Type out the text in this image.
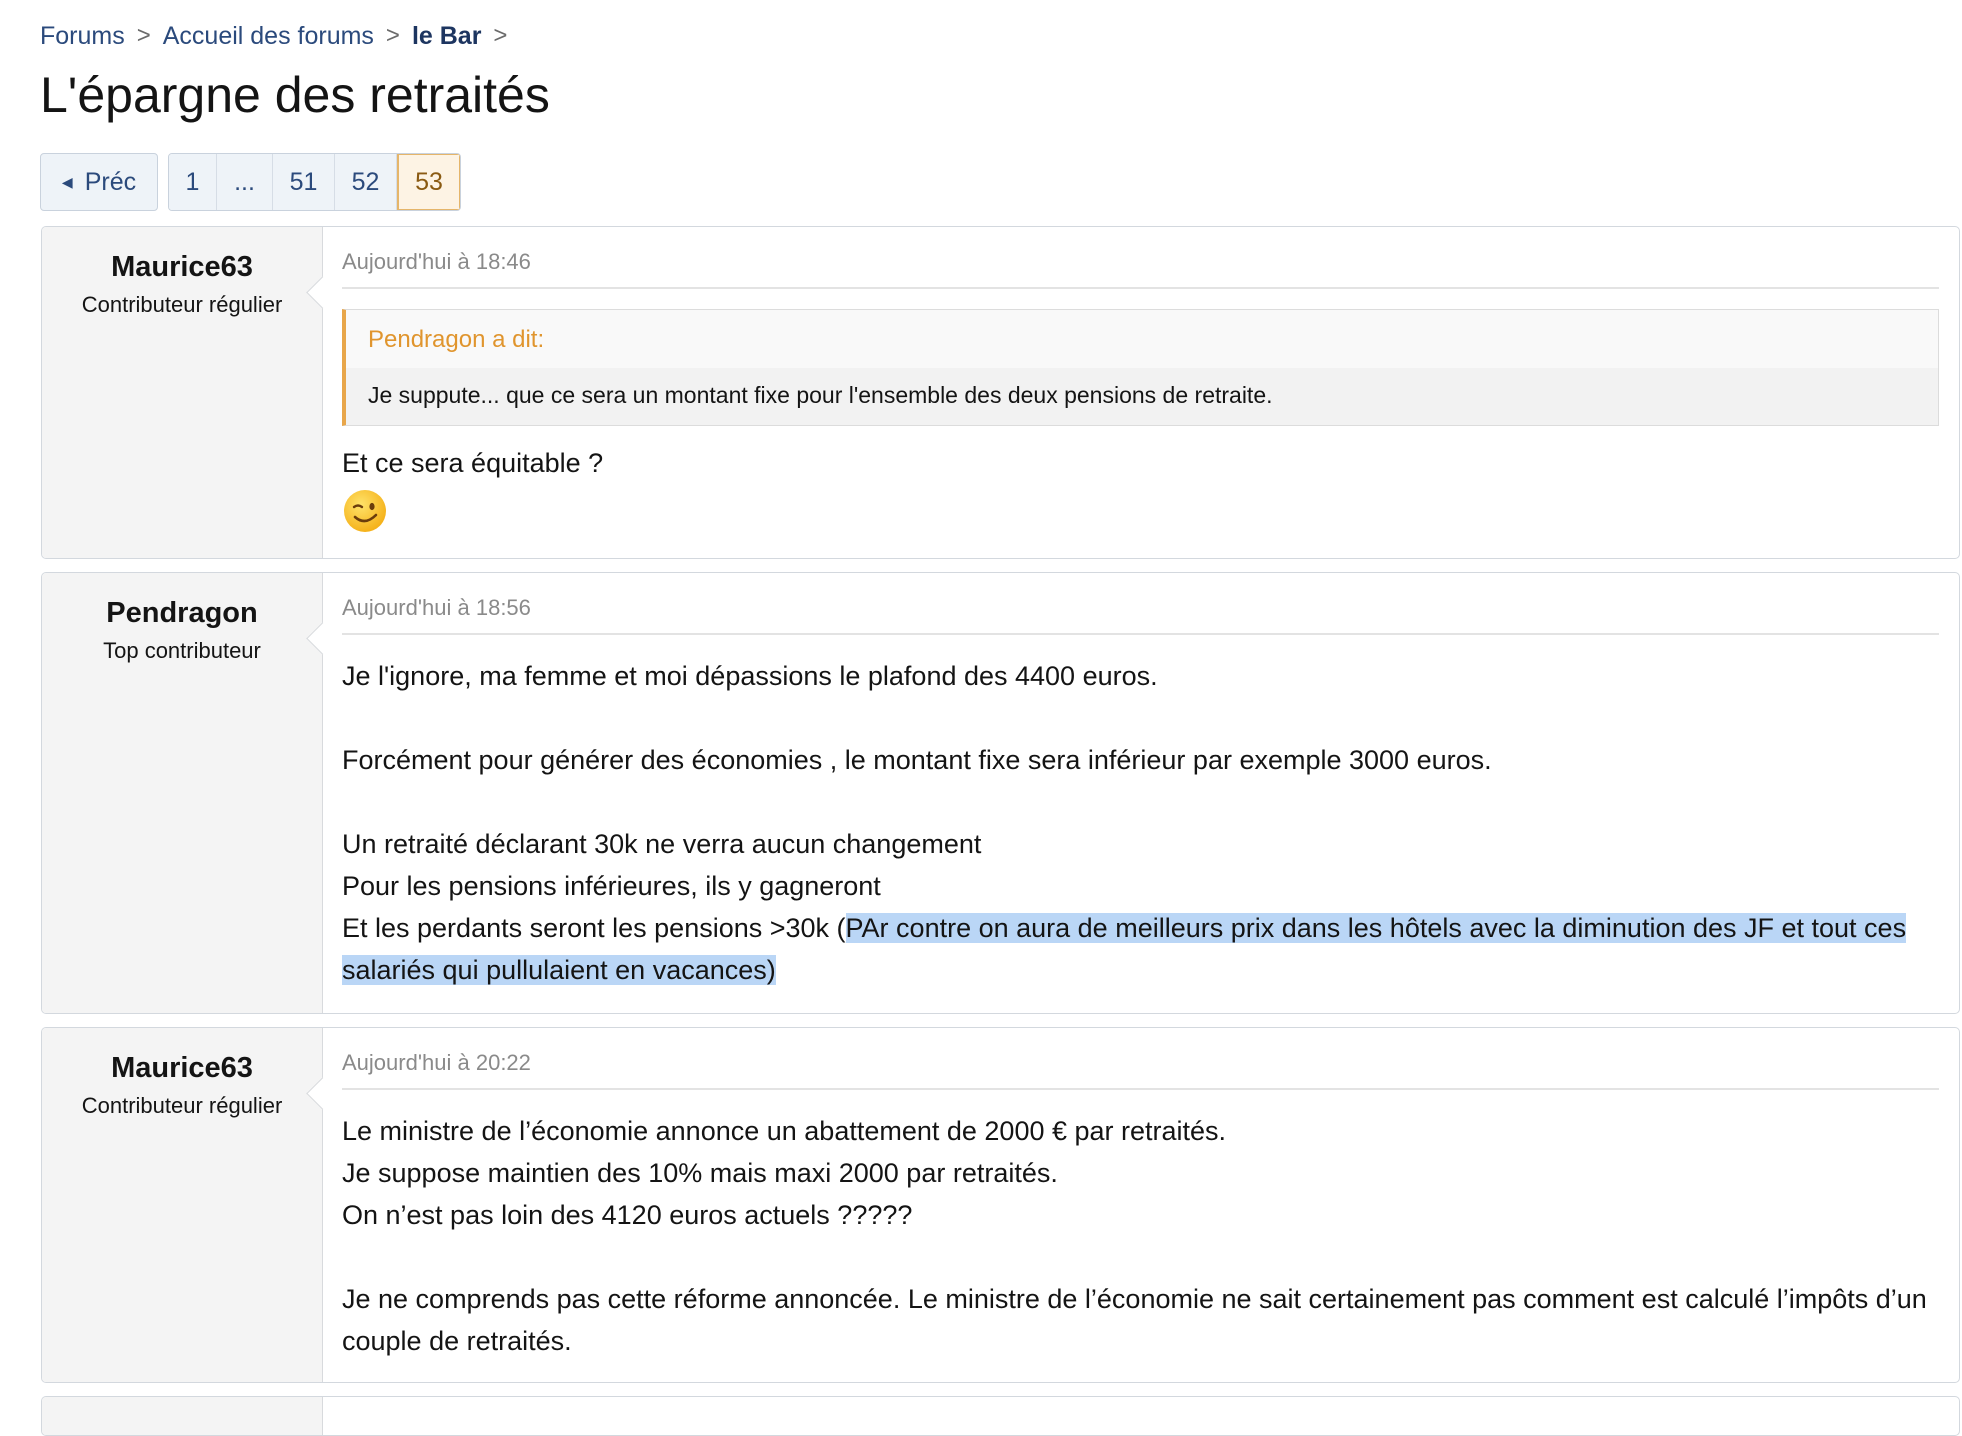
Forums > Accueil des forums > le Bar >
L'épargne des retraités
◀ Préc	1	...	51	52	53
Maurice63
Contributeur régulier
Aujourd'hui à 18:46
Pendragon a dit:
Je suppute... que ce sera un montant fixe pour l'ensemble des deux pensions de retraite.

Et ce sera équitable ?

Pendragon
Top contributeur
Aujourd'hui à 18:56

Je l'ignore, ma femme et moi dépassions le plafond des 4400 euros.

Forcément pour générer des économies , le montant fixe sera inférieur par exemple 3000 euros.

Un retraité déclarant 30k ne verra aucun changement

Pour les pensions inférieures, ils y gagneront

Et les perdants seront les pensions >30k (PAr contre on aura de meilleurs prix dans les hôtels avec la diminution des JF et tout ces salariés qui pullulaient en vacances)

Maurice63
Contributeur régulier
Aujourd'hui à 20:22

Le ministre de l’économie annonce un abattement de 2000 € par retraités.

Je suppose maintien des 10% mais maxi 2000 par retraités.

On n’est pas loin des 4120 euros actuels ?????

Je ne comprends pas cette réforme annoncée. Le ministre de l’économie ne sait certainement pas comment est calculé l’impôts d’un couple de retraités.
